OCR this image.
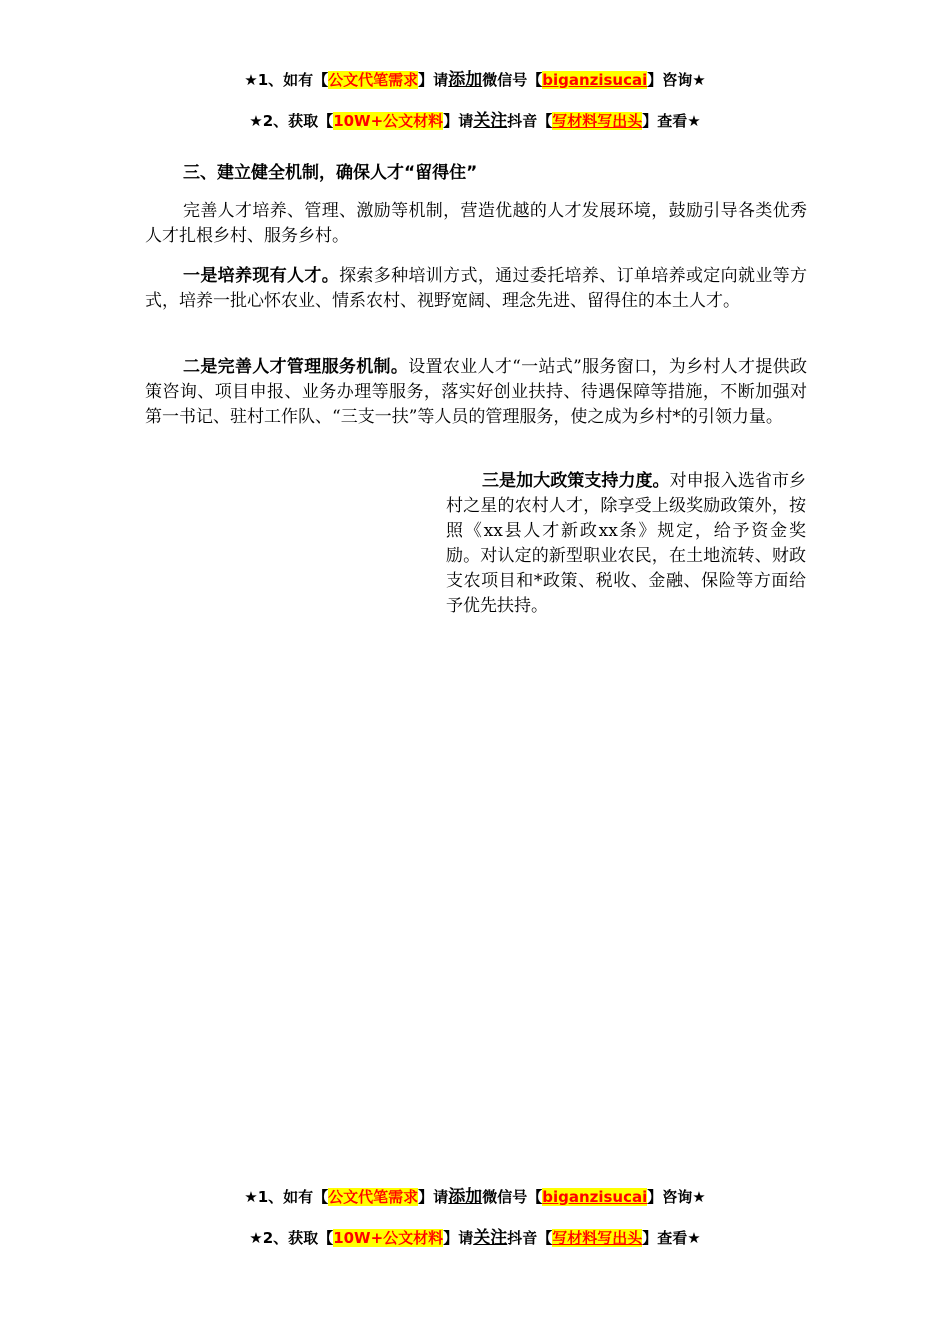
★1、如有【公文代笔需求】请添加微信号【biganzisucai】咨询★
★2、获取【10W+公文材料】请关注抖音【写材料写出头】查看★
三、建立健全机制，确保人才“留得住”

完善人才培养、管理、激励等机制，营造优越的人才发展环境，鼓励引导各类优秀人才扎根乡村、服务乡村。

一是培养现有人才。探索多种培训方式，通过委托培养、订单培养或定向就业等方式，培养一批心怀农业、情系农村、视野宽阔、理念先进、留得住的本土人才。

二是完善人才管理服务机制。设置农业人才“一站式”服务窗口，为乡村人才提供政策咨询、项目申报、业务办理等服务，落实好创业扶持、待遇保障等措施，不断加强对第一书记、驻村工作队、“三支一扶”等人员的管理服务，使之成为乡村*的引领力量。

三是加大政策支持力度。对申报入选省市乡村之星的农村人才，除享受上级奖励政策外，按照《xx县人才新政xx条》规定，给予资金奖励。对认定的新型职业农民，在土地流转、财政支农项目和*政策、税收、金融、保险等方面给予优先扶持。

★1、如有【公文代笔需求】请添加微信号【biganzisucai】咨询★
★2、获取【10W+公文材料】请关注抖音【写材料写出头】查看★
